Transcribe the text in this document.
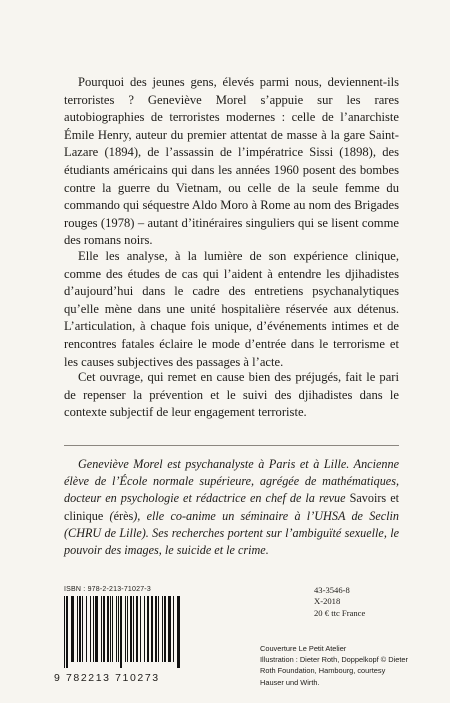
Pourquoi des jeunes gens, élevés parmi nous, deviennent-ils terroristes ? Geneviève Morel s’appuie sur les rares autobiographies de terroristes modernes : celle de l’anarchiste Émile Henry, auteur du premier attentat de masse à la gare Saint-Lazare (1894), de l’assassin de l’impératrice Sissi (1898), des étudiants américains qui dans les années 1960 posent des bombes contre la guerre du Vietnam, ou celle de la seule femme du commando qui séquestre Aldo Moro à Rome au nom des Brigades rouges (1978) – autant d’itinéraires singuliers qui se lisent comme des romans noirs.

Elle les analyse, à la lumière de son expérience clinique, comme des études de cas qui l’aident à entendre les djihadistes d’aujourd’hui dans le cadre des entretiens psychanalytiques qu’elle mène dans une unité hospitalière réservée aux détenus. L’articulation, à chaque fois unique, d’événements intimes et de rencontres fatales éclaire le mode d’entrée dans le terrorisme et les causes subjectives des passages à l’acte.

Cet ouvrage, qui remet en cause bien des préjugés, fait le pari de repenser la prévention et le suivi des djihadistes dans le contexte subjectif de leur engagement terroriste.

Geneviève Morel est psychanalyste à Paris et à Lille. Ancienne élève de l’École normale supérieure, agrégée de mathématiques, docteur en psychologie et rédactrice en chef de la revue Savoirs et clinique (érès), elle co-anime un séminaire à l’UHSA de Seclin (CHRU de Lille). Ses recherches portent sur l’ambiguïté sexuelle, le pouvoir des images, le suicide et le crime.

ISBN : 978-2-213-71027-3
9 782213 710273
43-3546-8
X-2018
20 € ttc France
Couverture Le Petit Atelier
Illustration : Dieter Roth, Doppelkopf © Dieter Roth Foundation, Hambourg, courtesy Hauser und Wirth.
